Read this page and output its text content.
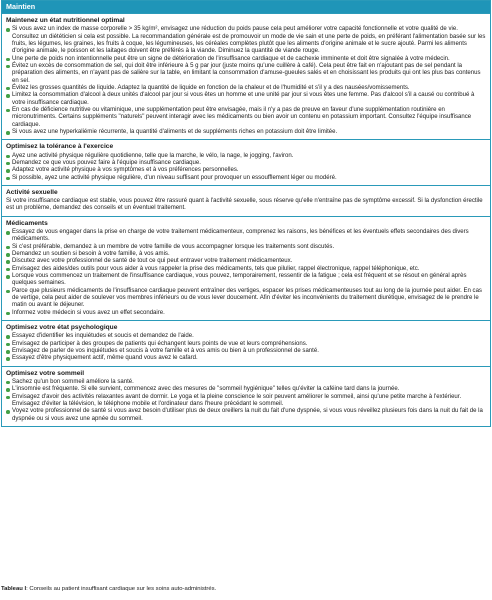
Maintien
Maintenez un état nutritionnel optimal
Si vous avez un index de masse corporelle > 35 kg/m², envisagez une réduction du poids pause cela peut améliorer votre capacité fonctionnelle et votre qualité de vie. Consultez un diététicien si cela est possible. La recommandation générale est de promouvoir un mode de vie sain et une perte de poids, en préférant l'alimentation basée sur les fruits, les légumes, les graines, les fruits à coque, les légumineuses, les céréales complètes plutôt que les aliments d'origine animale et le sucre ajouté. Parmi les aliments d'origine animale, le poisson et les laitages doivent être préférés à la viande. Diminuez la quantité de viande rouge.
Une perte de poids non intentionnelle peut être un signe de détérioration de l'insuffisance cardiaque et de cachexie imminente et doit être signalée à votre médecin.
Évitez un excès de consommation de sel, qui doit être inférieure à 5 g par jour (juste moins qu'une cuillère à café). Cela peut être fait en n'ajoutant pas de sel pendant la préparation des aliments, en n'ayant pas de salière sur la table, en limitant la consommation d'amuse-gueules salés et en choisissant les produits qui ont les plus bas contenus en sel.
Évitez les grosses quantités de liquide. Adaptez la quantité de liquide en fonction de la chaleur et de l'humidité et s'il y a des nausées/vomissements.
Limitez la consommation d'alcool à deux unités d'alcool par jour si vous êtes un homme et une unité par jour si vous êtes une femme. Pas d'alcool s'il a causé ou contribué à votre insuffisance cardiaque.
En cas de déficience nutritive ou vitaminique, une supplémentation peut être envisagée, mais il n'y a pas de preuve en faveur d'une supplémentation routinière en micronutriments. Certains suppléments "naturels" peuvent interagir avec les médicaments ou bien avoir un contenu en potassium important. Consultez l'équipe insuffisance cardiaque.
Si vous avez une hyperkaliémie récurrente, la quantité d'aliments et de suppléments riches en potassium doit être limitée.
Optimisez la tolérance à l'exercice
Ayez une activité physique régulière quotidienne, telle que la marche, le vélo, la nage, le jogging, l'aviron.
Demandez ce que vous pouvez faire à l'équipe insuffisance cardiaque.
Adaptez votre activité physique à vos symptômes et à vos préférences personnelles.
Si possible, ayez une activité physique régulière, d'un niveau suffisant pour provoquer un essoufflement léger ou modéré.
Activité sexuelle
Si votre insuffisance cardiaque est stable, vous pouvez être rassuré quant à l'activité sexuelle, sous réserve qu'elle n'entraîne pas de symptôme excessif. Si la dysfonction érectile est un problème, demandez des conseils et un éventuel traitement.
Médicaments
Essayez de vous engager dans la prise en charge de votre traitement médicamenteux, comprenez les raisons, les bénéfices et les éventuels effets secondaires des divers médicaments.
Si c'est préférable, demandez à un membre de votre famille de vous accompagner lorsque les traitements sont discutés.
Demandez un soutien si besoin à votre famille, à vos amis.
Discutez avec votre professionnel de santé de tout ce qui peut entraver votre traitement médicamenteux.
Envisagez des aides/des outils pour vous aider à vous rappeler la prise des médicaments, tels que pilulier, rappel électronique, rappel téléphonique, etc.
Lorsque vous commencez un traitement de l'insuffisance cardiaque, vous pouvez, temporairement, ressentir de la fatigue ; cela est fréquent et se résout en général après quelques semaines.
Parce que plusieurs médicaments de l'insuffisance cardiaque peuvent entraîner des vertiges, espacer les prises médicamenteuses tout au long de la journée peut aider. En cas de vertige, cela peut aider de soulever vos membres inférieurs ou de vous lever doucement. Afin d'éviter les inconvénients du traitement diurétique, envisagez de le prendre le matin ou avant le déjeuner.
Informez votre médecin si vous avez un effet secondaire.
Optimisez votre état psychologique
Essayez d'identifier les inquiétudes et soucis et demandez de l'aide.
Envisagez de participer à des groupes de patients qui échangent leurs points de vue et leurs compréhensions.
Envisagez de parler de vos inquiétudes et soucis à votre famille et à vos amis ou bien à un professionnel de santé.
Essayez d'être physiquement actif, même quand vous avez le cafard.
Optimisez votre sommeil
Sachez qu'un bon sommeil améliore la santé.
L'insomnie est fréquente. Si elle survient, commencez avec des mesures de "sommeil hygiénique" telles qu'éviter la caféine tard dans la journée.
Envisagez d'avoir des activités relaxantes avant de dormir. Le yoga et la pleine conscience le soir peuvent améliorer le sommeil, ainsi qu'une petite marche à l'extérieur. Envisagez d'éviter la télévision, le téléphone mobile et l'ordinateur dans l'heure précédant le sommeil.
Voyez votre professionnel de santé si vous avez besoin d'utiliser plus de deux oreillers la nuit du fait d'une dyspnée, si vous vous réveillez plusieurs fois dans la nuit du fait de la dyspnée ou si vous avez une apnée du sommeil.
Tableau I: Conseils au patient insuffisant cardiaque sur les soins auto-administrés.
